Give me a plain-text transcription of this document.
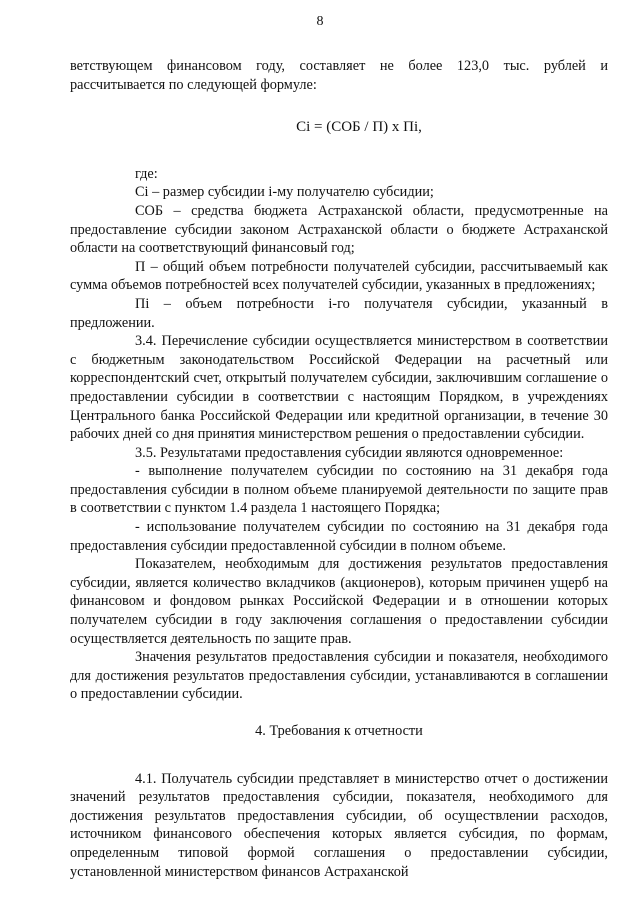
8

ветствующем финансовом году, составляет не более 123,0 тыс. рублей и рассчитывается по следующей формуле:

Ci = (СОБ / П) x Пi,

где:

Ci – размер субсидии i-му получателю субсидии;

СОБ – средства бюджета Астраханской области, предусмотренные на предоставление субсидии законом Астраханской области о бюджете Астраханской области на соответствующий финансовый год;

П – общий объем потребности получателей субсидии, рассчитываемый как сумма объемов потребностей всех получателей субсидии, указанных в предложениях;

Пi – объем потребности i-го получателя субсидии, указанный в предложении.

3.4. Перечисление субсидии осуществляется министерством в соответствии с бюджетным законодательством Российской Федерации на расчетный или корреспондентский счет, открытый получателем субсидии, заключившим соглашение о предоставлении субсидии в соответствии с настоящим Порядком, в учреждениях Центрального банка Российской Федерации или кредитной организации, в течение 30 рабочих дней со дня принятия министерством решения о предоставлении субсидии.

3.5. Результатами предоставления субсидии являются одновременное:

- выполнение получателем субсидии по состоянию на 31 декабря года предоставления субсидии в полном объеме планируемой деятельности по защите прав в соответствии с пунктом 1.4 раздела 1 настоящего Порядка;

- использование получателем субсидии по состоянию на 31 декабря года предоставления субсидии предоставленной субсидии в полном объеме.

Показателем, необходимым для достижения результатов предоставления субсидии, является количество вкладчиков (акционеров), которым причинен ущерб на финансовом и фондовом рынках Российской Федерации и в отношении которых получателем субсидии в году заключения соглашения о предоставлении субсидии осуществляется деятельность по защите прав.

Значения результатов предоставления субсидии и показателя, необходимого для достижения результатов предоставления субсидии, устанавливаются в соглашении о предоставлении субсидии.

4. Требования к отчетности

4.1. Получатель субсидии представляет в министерство отчет о достижении значений результатов предоставления субсидии, показателя, необходимого для достижения результатов предоставления субсидии, об осуществлении расходов, источником финансового обеспечения которых является субсидия, по формам, определенным типовой формой соглашения о предоставлении субсидии, установленной министерством финансов Астраханской
